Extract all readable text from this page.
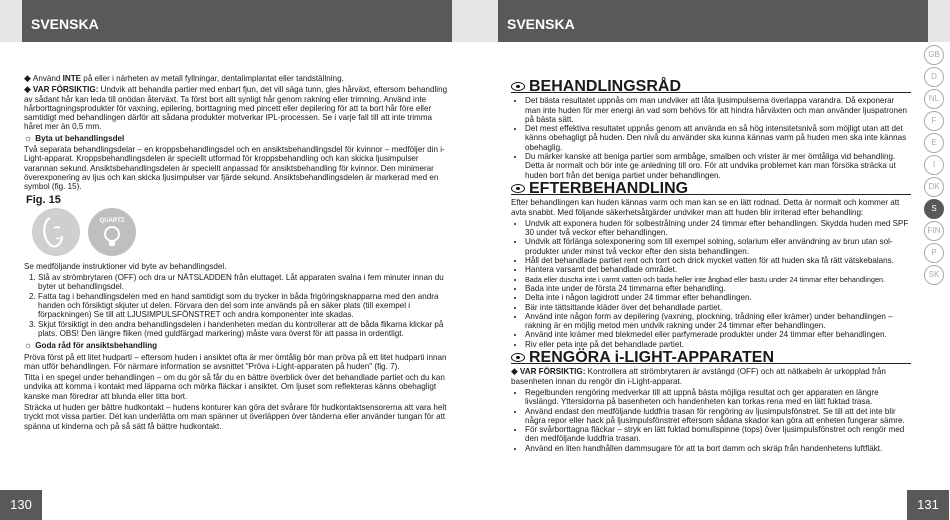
SVENSKA

◆ Använd INTE på eller i närheten av metall fyllningar, dentalimplantat eller tandställning.

◆ VAR FÖRSIKTIG: Undvik att behandla partier med enbart fjun, det vill säga tunn, gles hårväxt, eftersom behandling av sådant hår kan leda till onödan återväxt. Ta först bort allt synligt hår genom rakning eller trimning. Använd inte hårborttagningsprodukter för vaxning, epilering, borttagning med pincett eller depilering för att ta bort hår före eller samtidigt med behandlingen därför att sådana produkter motverkar IPL-processen. Se i varje fall till att inte trimma håret mer än 0,5 mm.

☼ Byta ut behandlingsdel

Två separata behandlingsdelar – en kroppsbehandlingsdel och en ansiktsbehandlingsdel för kvinnor – medföljer din i-Light-apparat. Kroppsbehandlingsdelen är speciellt utformad för kroppsbehandling och kan skicka ljusimpulser varannan sekund. Ansiktsbehandlingsdelen är speciellt anpassad för ansiktsbehandling för kvinnor. Den minimerar överexponering av ljus och kan skicka ljusimpulser var fjärde sekund. Ansiktsbehandlingsdelen är markerad med en symbol (fig. 15).

Fig. 15
QUARTZ

Se medföljande instruktioner vid byte av behandlingsdel.

1. Slå av strömbrytaren (OFF) och dra ur NÄTSLADDEN från eluttaget. Låt apparaten svalna i fem minuter innan du byter ut behandlingsdel.
2. Fatta tag i behandlingsdelen med en hand samtidigt som du trycker in båda frigöringsknapparna med den andra handen och försiktigt skjuter ut delen. Förvara den del som inte används på en säker plats (till exempel i förpackningen) Se till att LJUSIMPULSFÖNSTRET och andra komponenter inte skadas.
3. Skjut försiktigt in den andra behandlingsdelen i handenheten medan du kontrollerar att de båda flikarna klickar på plats. OBS! Den längre fliken (med guldfärgad markering) måste vara överst för att passa in ordentligt.

☼ Goda råd för ansiktsbehandling

Pröva först på ett litet hudparti – eftersom huden i ansiktet ofta är mer ömtålig bör man pröva på ett litet hudparti innan man utför behandlingen. För närmare information se avsnittet "Pröva i-Light-apparaten på huden" (fig. 7).

Titta i en spegel under behandlingen – om du gör så får du en bättre överblick över det behandlade partiet och du kan undvika att komma i kontakt med läpparna och mörka fläckar i ansiktet. Om ljuset som reflekteras känns obehagligt kanske man föredrar att blunda eller titta bort.

Sträcka ut huden ger bättre hudkontakt – hudens konturer kan göra det svårare för hudkontaktsensorerna att vara helt tryckt mot vissa partier. Det kan underlätta om man spänner ut överläppen över tänderna eller använder tungan för att spänna ut kinderna och på så sätt få bättre hudkontakt.

130
SVENSKA
BEHANDLINGSRÅD
• Det bästa resultatet uppnås om man undviker att låta ljusimpulserna överlappa varandra. Då exponerar man inte huden för mer energi än vad som behövs för att hindra hårväxten och man använder ljuspatronen på bästa sätt.
• Det mest effektiva resultatet uppnås genom att använda en så hög intensitetsnivå som möjligt utan att det känns obehagligt på huden. Den nivå du använder ska kunna kännas varm på huden men ska inte kännas obehaglig.
• Du märker kanske att beniga partier som armbåge, smalben och vrister är mer ömtåliga vid behandling. Detta är normalt och bör inte ge anledning till oro. För att undvika problemet kan man försöka sträcka ut huden bort från det beniga partiet under behandlingen.
EFTERBEHANDLING

Efter behandlingen kan huden kännas varm och man kan se en lätt rodnad. Detta är normalt och kommer att avta snabbt. Med följande säkerhetsåtgärder undviker man att huden blir irriterad efter behandling:

• Undvik att exponera huden för solbestrålning under 24 timmar efter behandlingen. Skydda huden med SPF 30 under två veckor efter behandlingen.
• Undvik att förlänga solexponering som till exempel solning, solarium eller användning av brun utan sol-produkter under minst två veckor efter den sista behandlingen.
• Håll det behandlade partiet rent och torrt och drick mycket vatten för att huden ska få rätt vätskebalans.
• Hantera varsamt det behandlade området.
• Bada eller duscha inte i varmt vatten och bada heller inte ångbad eller bastu under 24 timmar efter behandlingen.
• Bada inte under de första 24 timmarna efter behandling.
• Delta inte i någon lagidrott under 24 timmar efter behandlingen.
• Bär inte tättsittande kläder över det behandlade partiet.
• Använd inte någon form av depilering (vaxning, plockning, trådning eller krämer) under behandlingen – rakning är en möjlig metod men undvik rakning under 24 timmar efter behandlingen.
• Använd inte krämer med blekmedel eller parfymerade produkter under 24 timmar efter behandlingen.
• Riv eller peta inte på det behandlade partiet.
RENGÖRA i-LIGHT-APPARATEN

◆ VAR FÖRSIKTIG: Kontrollera att strömbrytaren är avstängd (OFF) och att nätkabeln är urkopplad från basenheten innan du rengör din i-Light-apparat.

• Regelbunden rengöring medverkar till att uppnå bästa möjliga resultat och ger apparaten en längre livslängd. Yttersidorna på basenheten och handenheten kan torkas rena med en lätt fuktad trasa.
• Använd endast den medföljande luddfria trasan för rengöring av ljusimpulsfönstret. Se till att det inte blir några repor eller hack på ljusimpulsfönstret eftersom sådana skador kan göra att enheten fungerar sämre.
• För svårborttagna fläckar – stryk en lätt fuktad bomullspinne (tops) över ljusimpulsfönstret och rengör med den medföljande luddfria trasan.
• Använd en liten handhållen dammsugare för att ta bort damm och skräp från handenhetens luftfläkt.
GB
D
NL
F
E
I
DK
S
FIN
P
SK
131
